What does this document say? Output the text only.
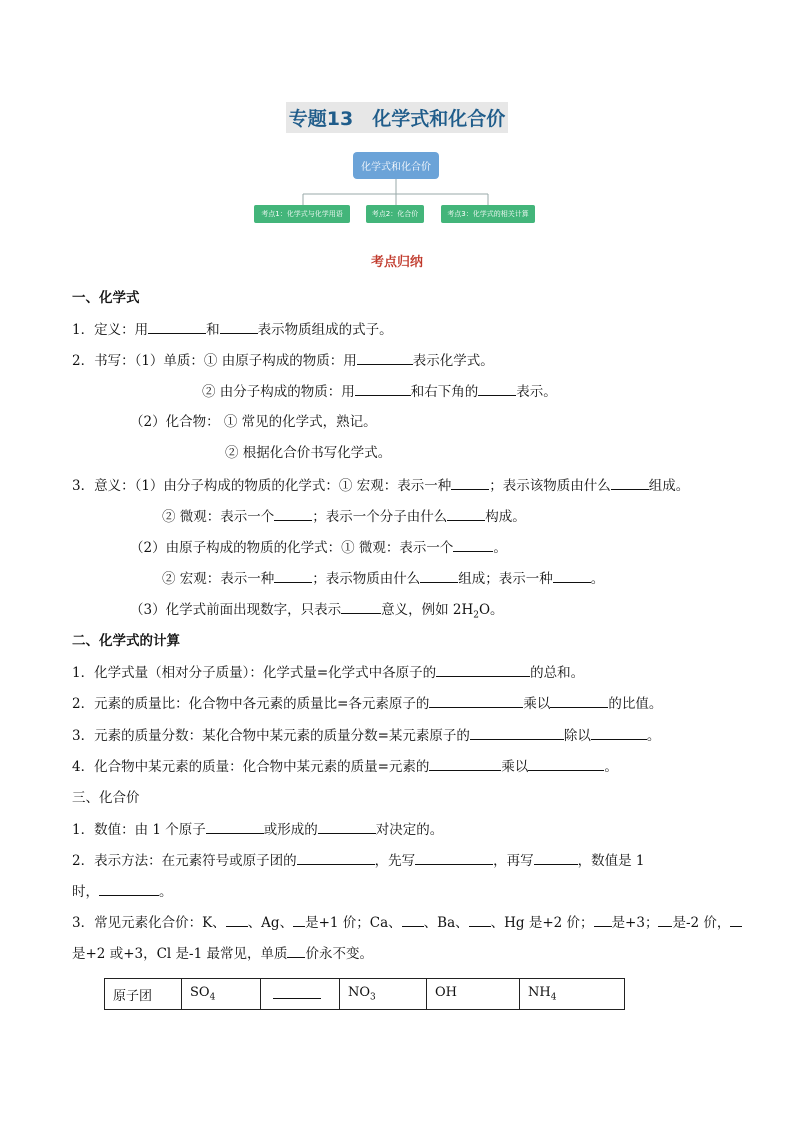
专题13　化学式和化合价
化学式和化合价
考点1：化学式与化学用语	考点2：化合价	考点3：化学式的相关计算
考点归纳
一、化学式
1．定义：用	和	表示物质组成的式子。
2．书写：（1）单质：① 由原子构成的物质：用	表示化学式。
② 由分子构成的物质：用	和右下角的	表示。
（2）化合物： ① 常见的化学式，熟记。
② 根据化合价书写化学式。
3．意义：（1）由分子构成的物质的化学式：① 宏观：表示一种	；表示该物质由什么	组成。
② 微观：表示一个	；表示一个分子由什么	构成。
（2）由原子构成的物质的化学式：① 微观：表示一个	。
② 宏观：表示一种	；表示物质由什么	组成；表示一种	。
（3）化学式前面出现数字，只表示	意义，例如 $2H_2O$。
二、化学式的计算
1．化学式量（相对分子质量）：化学式量=化学式中各原子的	的总和。
2．元素的质量比：化合物中各元素的质量比=各元素原子的	乘以	的比值。
3．元素的质量分数：某化合物中某元素的质量分数=某元素原子的	除以	。
4．化合物中某元素的质量：化合物中某元素的质量=元素的	乘以	。
三、化合价
1．数值：由 1 个原子	或形成的	对决定的。
2．表示方法：在元素符号或原子团的	，先写	，再写	，数值是 1
时，	。
3．常见元素化合价：K、 、Ag、 是+1 价；Ca、 、Ba、 、Hg 是+2 价； 是+3； 是-2 价，
是+2 或+3，Cl 是-1 最常见，单质 价永不变。
原子团	$SO_4$		$NO_3$	OH	$NH_4$
